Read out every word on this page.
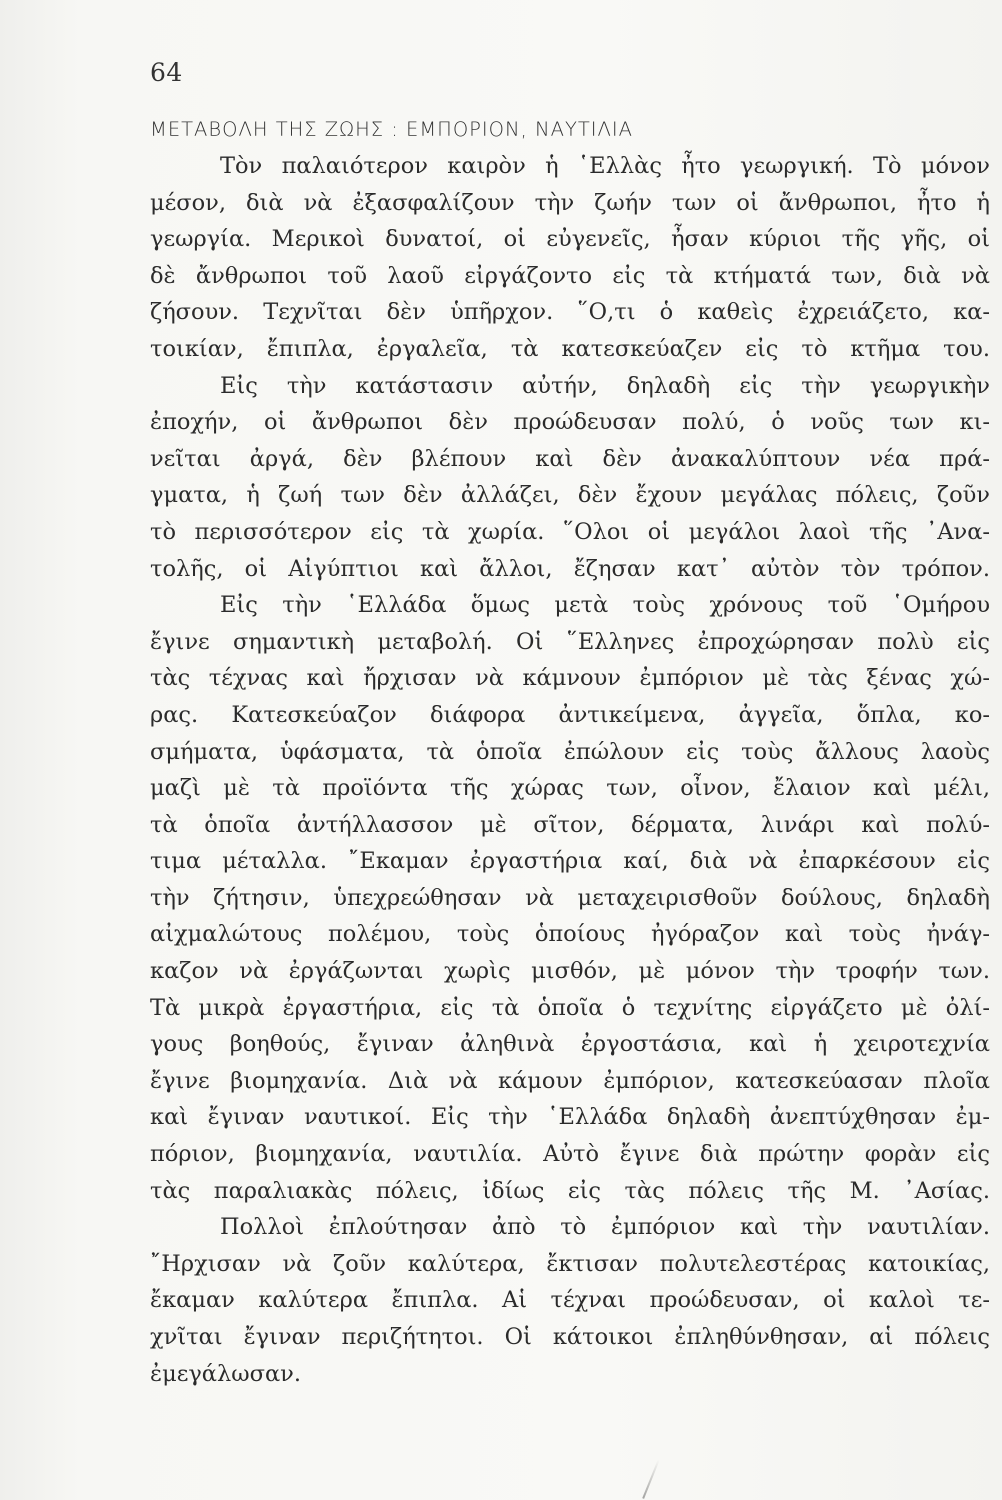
64
ΜΕΤΑΒΟΛΗ ΤΗΣ ΖΩΗΣ : ΕΜΠΟΡΙΟΝ, ΝΑΥΤΙΛΙΑ
Τὸν παλαιότερον καιρὸν ἡ ῾Ελλὰς ἦτο γεωργική. Τὸ μόνον
μέσον, διὰ νὰ ἐξασφαλίζουν τὴν ζωήν των οἱ ἄνθρωποι, ἦτο ἡ
γεωργία. Μερικοὶ δυνατοί, οἱ εὐγενεῖς, ἦσαν κύριοι τῆς γῆς, οἱ
δὲ ἄνθρωποι τοῦ λαοῦ εἰργάζοντο εἰς τὰ κτήματά των, διὰ νὰ
ζήσουν. Τεχνῖται δὲν ὑπῆρχον. ῞Ο,τι ὁ καθεὶς ἐχρειάζετο, κα-
τοικίαν, ἔπιπλα, ἐργαλεῖα, τὰ κατεσκεύαζεν εἰς τὸ κτῆμα του.
Εἰς τὴν κατάστασιν αὐτήν, δηλαδὴ εἰς τὴν γεωργικὴν
ἐποχήν, οἱ ἄνθρωποι δὲν προώδευσαν πολύ, ὁ νοῦς των κι-
νεῖται ἀργά, δὲν βλέπουν καὶ δὲν ἀνακαλύπτουν νέα πρά-
γματα, ἡ ζωή των δὲν ἀλλάζει, δὲν ἔχουν μεγάλας πόλεις, ζοῦν
τὸ περισσότερον εἰς τὰ χωρία. ῞Ολοι οἱ μεγάλοι λαοὶ τῆς ᾿Ανα-
τολῆς, οἱ Αἰγύπτιοι καὶ ἄλλοι, ἔζησαν κατ᾿ αὐτὸν τὸν τρόπον.
Εἰς τὴν ῾Ελλάδα ὅμως μετὰ τοὺς χρόνους τοῦ ῾Ομήρου
ἔγινε σημαντικὴ μεταβολή. Οἱ ῞Ελληνες ἐπροχώρησαν πολὺ εἰς
τὰς τέχνας καὶ ἤρχισαν νὰ κάμνουν ἐμπόριον μὲ τὰς ξένας χώ-
ρας. Κατεσκεύαζον διάφορα ἀντικείμενα, ἀγγεῖα, ὅπλα, κο-
σμήματα, ὑφάσματα, τὰ ὁποῖα ἐπώλουν εἰς τοὺς ἄλλους λαοὺς
μαζὶ μὲ τὰ προϊόντα τῆς χώρας των, οἶνον, ἔλαιον καὶ μέλι,
τὰ ὁποῖα ἀντήλλασσον μὲ σῖτον, δέρματα, λινάρι καὶ πολύ-
τιμα μέταλλα. ῎Εκαμαν ἐργαστήρια καί, διὰ νὰ ἐπαρκέσουν εἰς
τὴν ζήτησιν, ὑπεχρεώθησαν νὰ μεταχειρισθοῦν δούλους, δηλαδὴ
αἰχμαλώτους πολέμου, τοὺς ὁποίους ἠγόραζον καὶ τοὺς ἠνάγ-
καζον νὰ ἐργάζωνται χωρὶς μισθόν, μὲ μόνον τὴν τροφήν των.
Τὰ μικρὰ ἐργαστήρια, εἰς τὰ ὁποῖα ὁ τεχνίτης εἰργάζετο μὲ ὀλί-
γους βοηθούς, ἔγιναν ἀληθινὰ ἐργοστάσια, καὶ ἡ χειροτεχνία
ἔγινε βιομηχανία. Διὰ νὰ κάμουν ἐμπόριον, κατεσκεύασαν πλοῖα
καὶ ἔγιναν ναυτικοί. Εἰς τὴν ῾Ελλάδα δηλαδὴ ἀνεπτύχθησαν ἐμ-
πόριον, βιομηχανία, ναυτιλία. Αὐτὸ ἔγινε διὰ πρώτην φορὰν εἰς
τὰς παραλιακὰς πόλεις, ἰδίως εἰς τὰς πόλεις τῆς Μ. ᾿Ασίας.
Πολλοὶ ἐπλούτησαν ἀπὸ τὸ ἐμπόριον καὶ τὴν ναυτιλίαν.
῎Ηρχισαν νὰ ζοῦν καλύτερα, ἔκτισαν πολυτελεστέρας κατοικίας,
ἔκαμαν καλύτερα ἔπιπλα. Αἱ τέχναι προώδευσαν, οἱ καλοὶ τε-
χνῖται ἔγιναν περιζήτητοι. Οἱ κάτοικοι ἐπληθύνθησαν, αἱ πόλεις
ἐμεγάλωσαν.
